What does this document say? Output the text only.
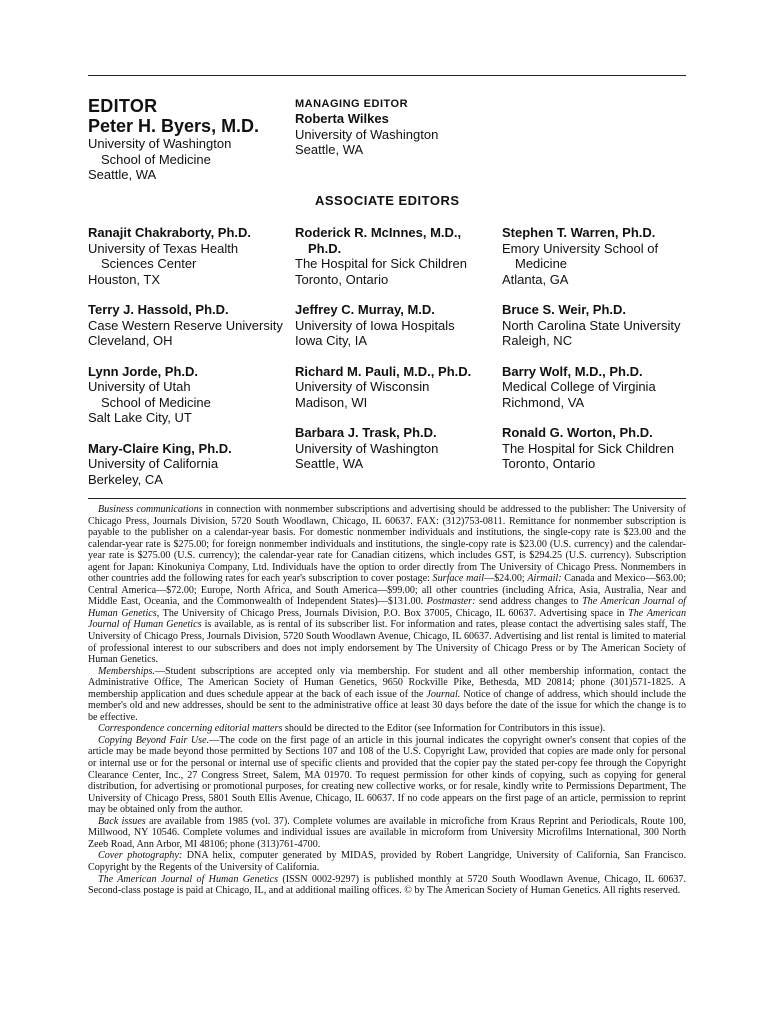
EDITOR
Peter H. Byers, M.D.
University of Washington
School of Medicine
Seattle, WA
MANAGING EDITOR
Roberta Wilkes
University of Washington
Seattle, WA
ASSOCIATE EDITORS
Ranajit Chakraborty, Ph.D.
University of Texas Health
Sciences Center
Houston, TX
Terry J. Hassold, Ph.D.
Case Western Reserve University
Cleveland, OH
Lynn Jorde, Ph.D.
University of Utah
School of Medicine
Salt Lake City, UT
Mary-Claire King, Ph.D.
University of California
Berkeley, CA
Roderick R. McInnes, M.D.,
Ph.D.
The Hospital for Sick Children
Toronto, Ontario
Jeffrey C. Murray, M.D.
University of Iowa Hospitals
Iowa City, IA
Richard M. Pauli, M.D., Ph.D.
University of Wisconsin
Madison, WI
Barbara J. Trask, Ph.D.
University of Washington
Seattle, WA
Stephen T. Warren, Ph.D.
Emory University School of
Medicine
Atlanta, GA
Bruce S. Weir, Ph.D.
North Carolina State University
Raleigh, NC
Barry Wolf, M.D., Ph.D.
Medical College of Virginia
Richmond, VA
Ronald G. Worton, Ph.D.
The Hospital for Sick Children
Toronto, Ontario

Business communications in connection with nonmember subscriptions and advertising should be addressed to the publisher: The University of Chicago Press, Journals Division, 5720 South Woodlawn, Chicago, IL 60637. FAX: (312)753-0811. Remittance for nonmember subscription is payable to the publisher on a calendar-year basis. For domestic nonmember individuals and institutions, the single-copy rate is $23.00 and the calendar-year rate is $275.00; for foreign nonmember individuals and institutions, the single-copy rate is $23.00 (U.S. currency) and the calendar-year rate is $275.00 (U.S. currency); the calendar-year rate for Canadian citizens, which includes GST, is $294.25 (U.S. currency). Subscription agent for Japan: Kinokuniya Company, Ltd. Individuals have the option to order directly from The University of Chicago Press. Nonmembers in other countries add the following rates for each year's subscription to cover postage: Surface mail—$24.00; Airmail: Canada and Mexico—$63.00; Central America—$72.00; Europe, North Africa, and South America—$99.00; all other countries (including Africa, Asia, Australia, Near and Middle East, Oceania, and the Commonwealth of Independent States)—$131.00. Postmaster: send address changes to The American Journal of Human Genetics, The University of Chicago Press, Journals Division, P.O. Box 37005, Chicago, IL 60637. Advertising space in The American Journal of Human Genetics is available, as is rental of its subscriber list. For information and rates, please contact the advertising sales staff, The University of Chicago Press, Journals Division, 5720 South Woodlawn Avenue, Chicago, IL 60637. Advertising and list rental is limited to material of professional interest to our subscribers and does not imply endorsement by The University of Chicago Press or by The American Society of Human Genetics.

Memberships.—Student subscriptions are accepted only via membership. For student and all other membership information, contact the Administrative Office, The American Society of Human Genetics, 9650 Rockville Pike, Bethesda, MD 20814; phone (301)571-1825. A membership application and dues schedule appear at the back of each issue of the Journal. Notice of change of address, which should include the member's old and new addresses, should be sent to the administrative office at least 30 days before the date of the issue for which the change is to be effective.

Correspondence concerning editorial matters should be directed to the Editor (see Information for Contributors in this issue).

Copying Beyond Fair Use.—The code on the first page of an article in this journal indicates the copyright owner's consent that copies of the article may be made beyond those permitted by Sections 107 and 108 of the U.S. Copyright Law, provided that copies are made only for personal or internal use or for the personal or internal use of specific clients and provided that the copier pay the stated per-copy fee through the Copyright Clearance Center, Inc., 27 Congress Street, Salem, MA 01970. To request permission for other kinds of copying, such as copying for general distribution, for advertising or promotional purposes, for creating new collective works, or for resale, kindly write to Permissions Department, The University of Chicago Press, 5801 South Ellis Avenue, Chicago, IL 60637. If no code appears on the first page of an article, permission to reprint may be obtained only from the author.

Back issues are available from 1985 (vol. 37). Complete volumes are available in microfiche from Kraus Reprint and Periodicals, Route 100, Millwood, NY 10546. Complete volumes and individual issues are available in microform from University Microfilms International, 300 North Zeeb Road, Ann Arbor, MI 48106; phone (313)761-4700.

Cover photography: DNA helix, computer generated by MIDAS, provided by Robert Langridge, University of California, San Francisco. Copyright by the Regents of the University of California.

The American Journal of Human Genetics (ISSN 0002-9297) is published monthly at 5720 South Woodlawn Avenue, Chicago, IL 60637. Second-class postage is paid at Chicago, IL, and at additional mailing offices. © by The American Society of Human Genetics. All rights reserved.
